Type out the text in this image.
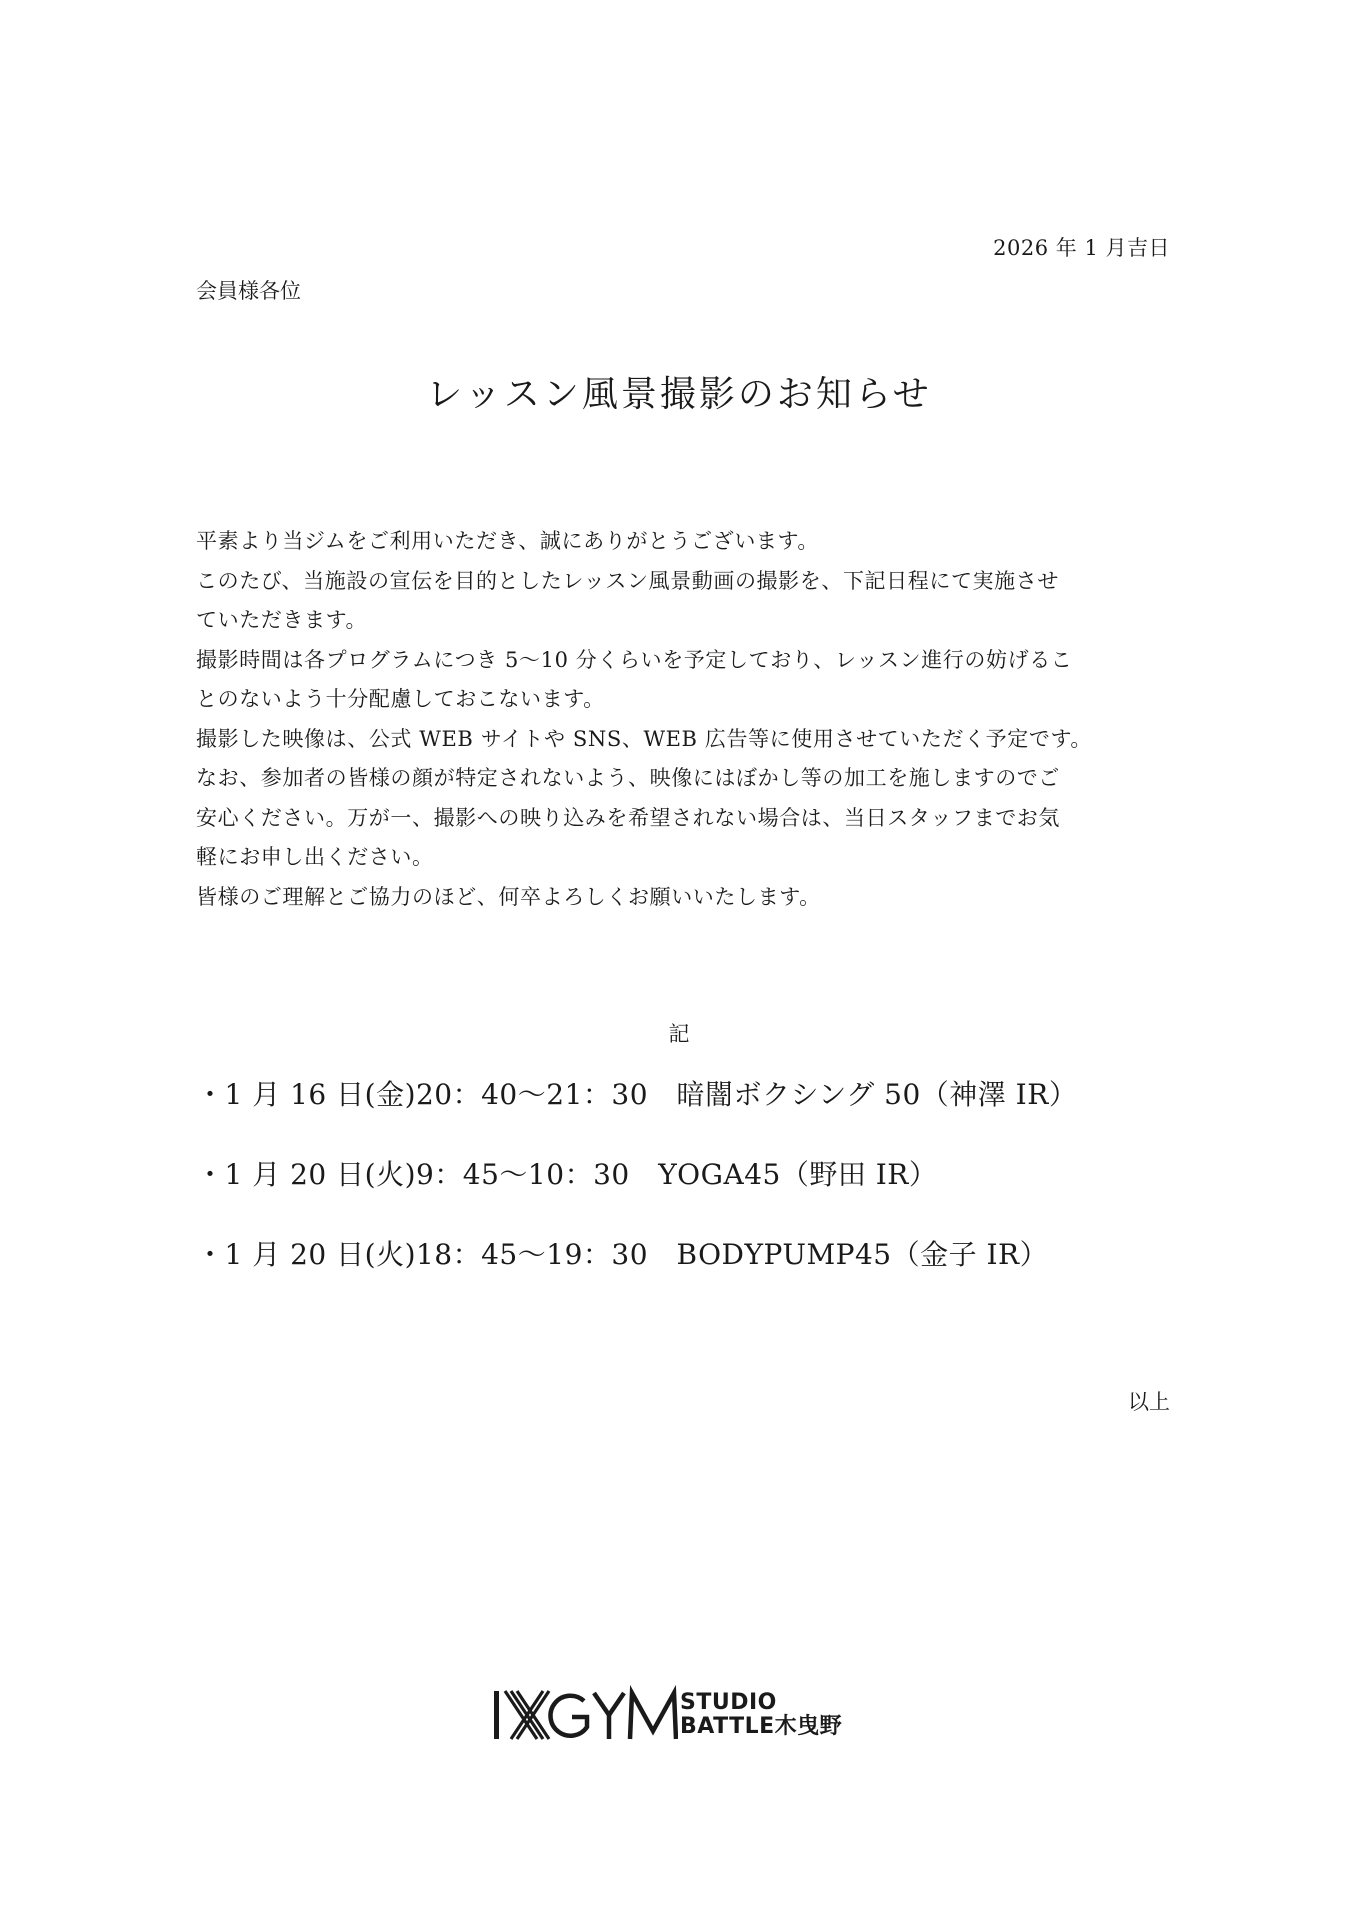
2026 年 1 月吉日
会員様各位
レッスン風景撮影のお知らせ

平素より当ジムをご利用いただき、誠にありがとうございます。

このたび、当施設の宣伝を目的としたレッスン風景動画の撮影を、下記日程にて実施させ

ていただきます。

撮影時間は各プログラムにつき 5～10 分くらいを予定しており、レッスン進行の妨げるこ

とのないよう十分配慮しておこないます。

撮影した映像は、公式 WEB サイトや SNS、WEB 広告等に使用させていただく予定です。

なお、参加者の皆様の顔が特定されないよう、映像にはぼかし等の加工を施しますのでご

安心ください。万が一、撮影への映り込みを希望されない場合は、当日スタッフまでお気

軽にお申し出ください。

皆様のご理解とご協力のほど、何卒よろしくお願いいたします。

記
・1 月 16 日(金)20：40～21：30　暗闇ボクシング 50（神澤 IR）
・1 月 20 日(火)9：45～10：30　YOGA45（野田 IR）
・1 月 20 日(火)18：45～19：30　BODYPUMP45（金子 IR）
以上
STUDIO
BATTLE木曳野
